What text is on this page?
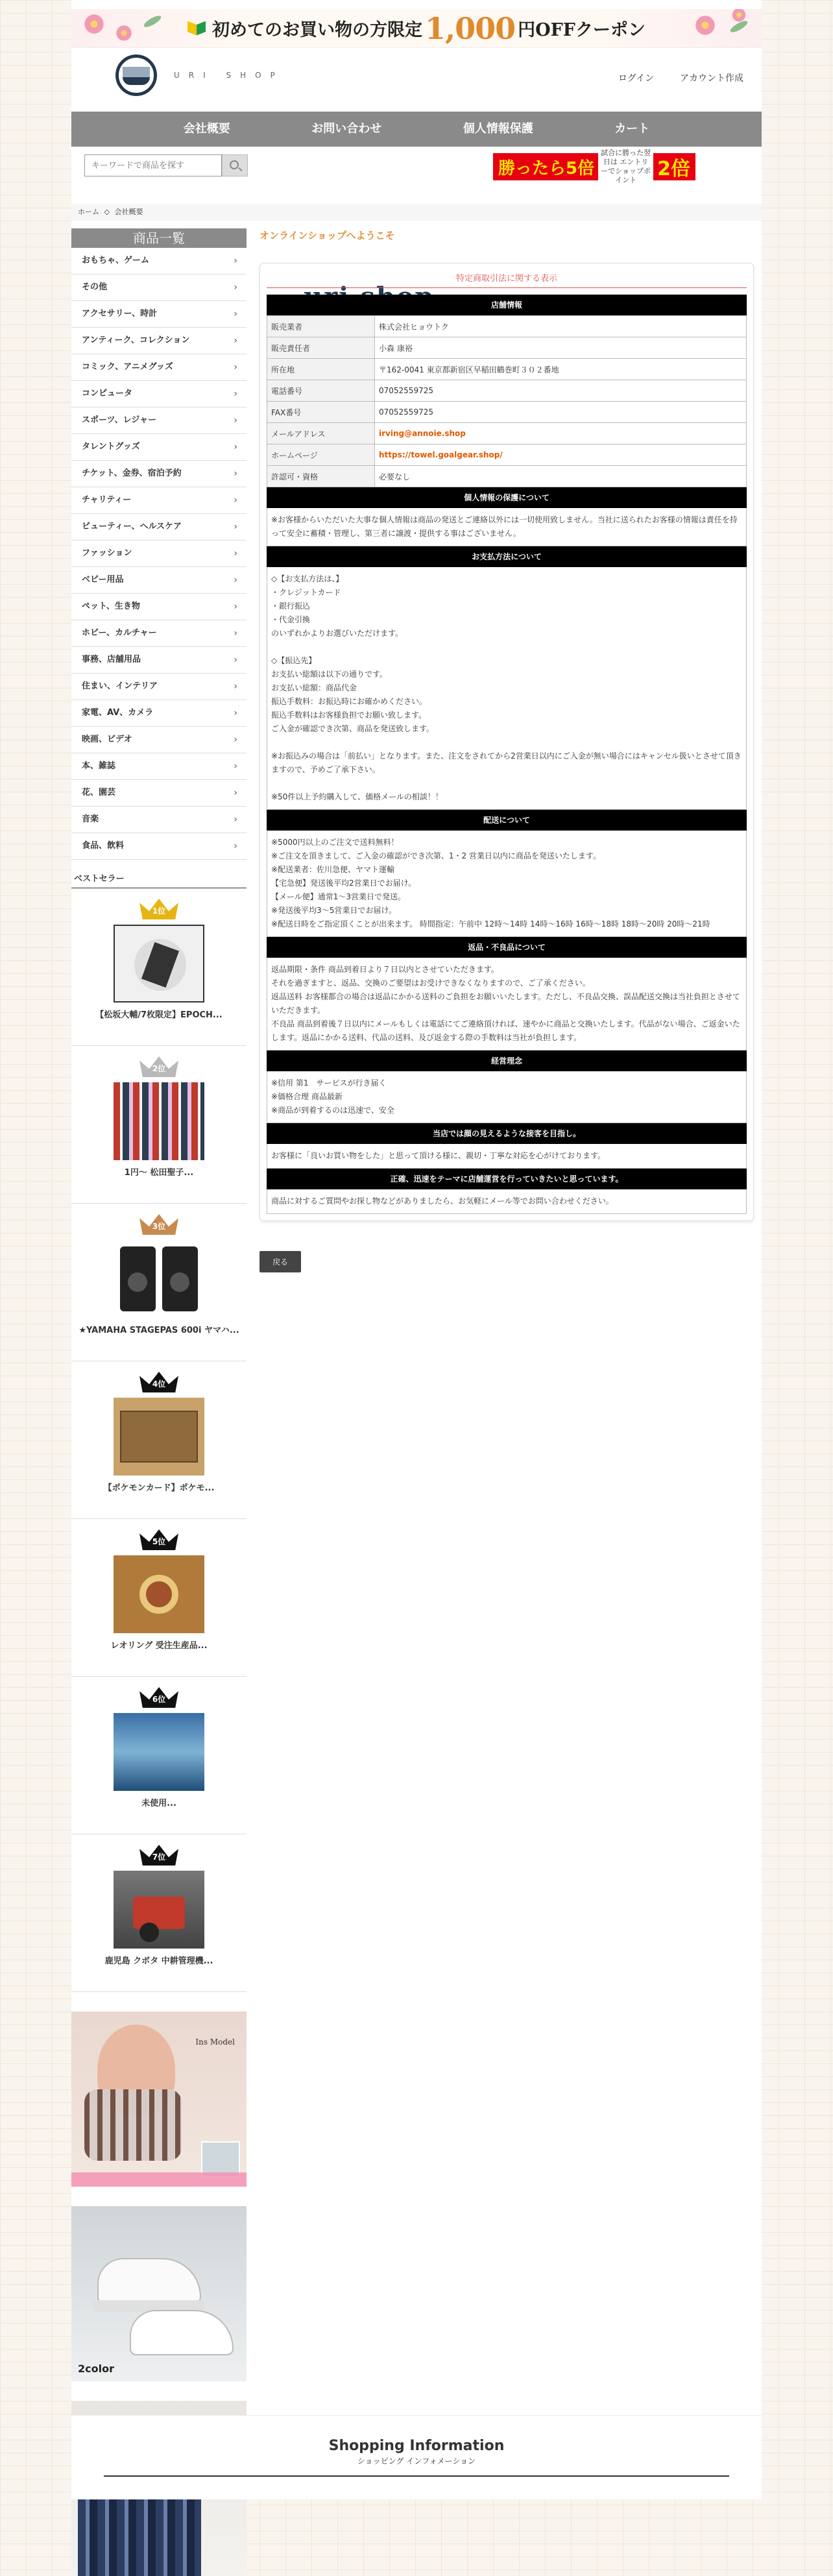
初めてのお買い物の方限定 1,000 円OFFクーポン
URI SHOP	ログイン	アカウント作成
会社概要	お問い合わせ	個人情報保護	カート
キーワードで商品を探す
勝ったら5倍
試合に勝った翌日は エントリーでショップポイント	2倍
ホーム ◇ 会社概要
商品一覧
おもちゃ、ゲーム	›
その他	›
アクセサリー、時計	›
アンティーク、コレクション	›
コミック、アニメグッズ	›
コンピュータ	›
スポーツ、レジャー	›
タレントグッズ	›
チケット、金券、宿泊予約	›
チャリティー	›
ビューティー、ヘルスケア	›
ファッション	›
ベビー用品	›
ペット、生き物	›
ホビー、カルチャー	›
事務、店舗用品	›
住まい、インテリア	›
家電、AV、カメラ	›
映画、ビデオ	›
本、雑誌	›
花、園芸	›
音楽	›
食品、飲料	›
ベストセラー
1位
【松坂大輔/7枚限定】EPOCH...
2位
1円～ 松田聖子...
3位
★YAMAHA STAGEPAS 600i ヤマハ...
4位
【ポケモンカード】ポケモ...
5位
レオリング 受注生産品...
6位
未使用...
7位
鹿児島 クボタ 中耕管理機...
Ins Model
2color
オンラインショップへようこそ
特定商取引法に関する表示
店舗情報
販売業者	株式会社ヒョウトク
販売責任者	小森 康裕
所在地	〒162-0041 東京都新宿区早稲田鶴巻町３０２番地
電話番号	07052559725
FAX番号	07052559725
メールアドレス	irving@annoie.shop
ホームページ	https://towel.goalgear.shop/
許認可・資格	必要なし
個人情報の保護について
※お客様からいただいた大事な個人情報は商品の発送とご連絡以外には一切使用致しません。当社に送られたお客様の情報は責任を持って安全に​蓄積・管理し、第三者に譲渡・提供する事はございません。
お支払方法について
◇【お支払方法は、】
・クレジットカード
・銀行振込
・代金引換
のいずれかよりお選びいただけます。

◇【振込先】
お支払い総額は以下の通りです。
お支払い総額：商品代金
振込手数料：お振込時にお確かめください。
振込手数料はお客様負担でお願い致します。
ご入金が確認でき次第、商品を発送致します。

※お振込みの場合は「前払い」となります。また、注文をされてから2営業日以内にご入金が無い場合にはキャンセル​扱いとさせて頂きますので、予めご了承下さい。

※50件以上予約購入して、価格メールの相談！！
配送について
※5000円以上のご注文で送料無料！
※ご注文を頂きまして、ご入金の確認ができ次第、1・2 営業日以内に商品を発送いたします。
※配送業者：佐川急便、ヤマト運輸
【宅急便】発送後平均2営業日でお届け。
【メール便】通常1～3営業日で発送。
※発送後平均3～5営業日でお届け。
※配送日時をご指定頂くことが出来ます。 時間指定：午前中 12時～14時 14時～16時 16時～18時 18時～20時 20時～21時
返品・不良品について
返品期限・条件 商品到着日より７日以内とさせていただきます。
それを過ぎますと、返品、交換のご要望はお受けできなくなりますので、ご了承ください。
返品送料 お客様都合の場合は返品にかかる送料のご負担をお願いいたします。ただし、不良品交換、誤品配送交換は当社負担とさせていただきます。
不良品 商品到着後７日以内にメールもしくは電話にてご連絡頂ければ、速やかに商品と交換いたします。代品がない場合、ご返金いたします。返品にかかる送料、代品の送料、及び返金する際の手数料は当社が負担します。
経営理念
※信用 第1　サービスが行き届く
※価格合理 商品最新
※商品が到着するのは迅速で、安全
当店では顔の見えるような接客を目指し。
お客様に「良いお買い物をした」と思って頂ける様に、親切・丁寧な対応を心がけております。
正確、迅速をテーマに店舗運営を行っていきたいと思っています。
商品に対するご質問やお探し物などがありましたら、お気軽にメール等でお問い合わせください。
戻る
Shopping Information
ショッピング インフォメーション
